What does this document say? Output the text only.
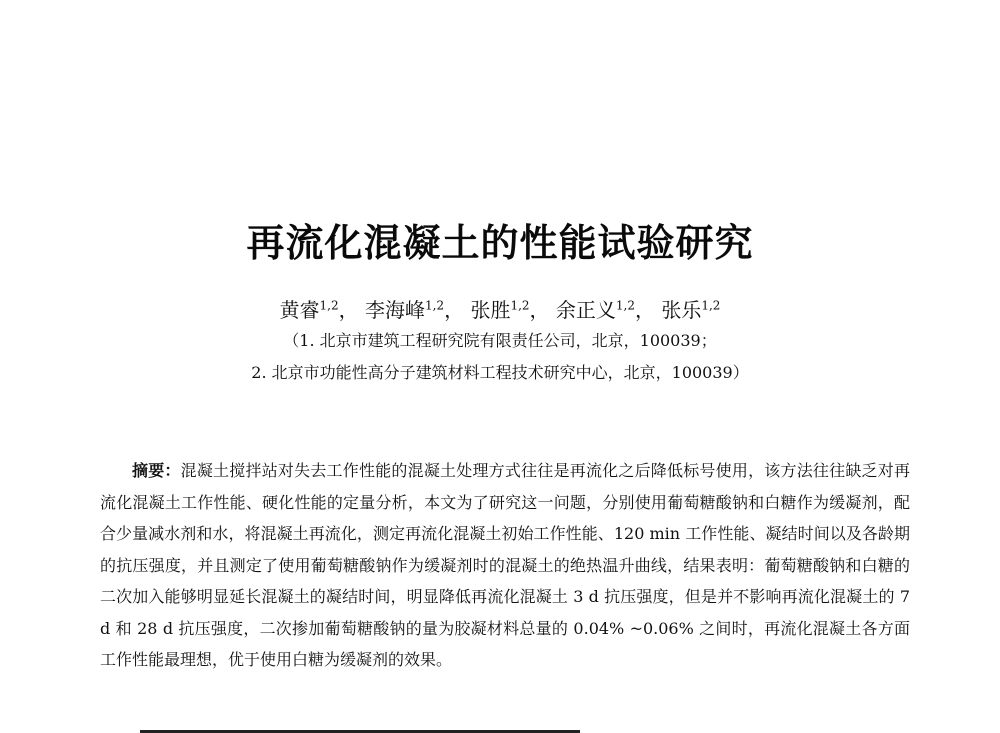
再流化混凝土的性能试验研究
黄睿$^{1,2}$， 李海峰$^{1,2}$， 张胜$^{1,2}$， 余正义$^{1,2}$， 张乐$^{1,2}$
（1. 北京市建筑工程研究院有限责任公司，北京，100039；
2. 北京市功能性高分子建筑材料工程技术研究中心，北京，100039）
摘要：混凝土搅拌站对失去工作性能的混凝土处理方式往往是再流化之后降低标号使用，该方法往往缺乏对再流化混凝土工作性能、硬化性能的定量分析，本文为了研究这一问题，分别使用葡萄糖酸钠和白糖作为缓凝剂，配合少量减水剂和水，将混凝土再流化，测定再流化混凝土初始工作性能、120 min 工作性能、凝结时间以及各龄期的抗压强度，并且测定了使用葡萄糖酸钠作为缓凝剂时的混凝土的绝热温升曲线，结果表明：葡萄糖酸钠和白糖的二次加入能够明显延长混凝土的凝结时间，明显降低再流化混凝土 3 d 抗压强度，但是并不影响再流化混凝土的 7 d 和 28 d 抗压强度，二次掺加葡萄糖酸钠的量为胶凝材料总量的 0.04% ~0.06% 之间时，再流化混凝土各方面工作性能最理想，优于使用白糖为缓凝剂的效果。
